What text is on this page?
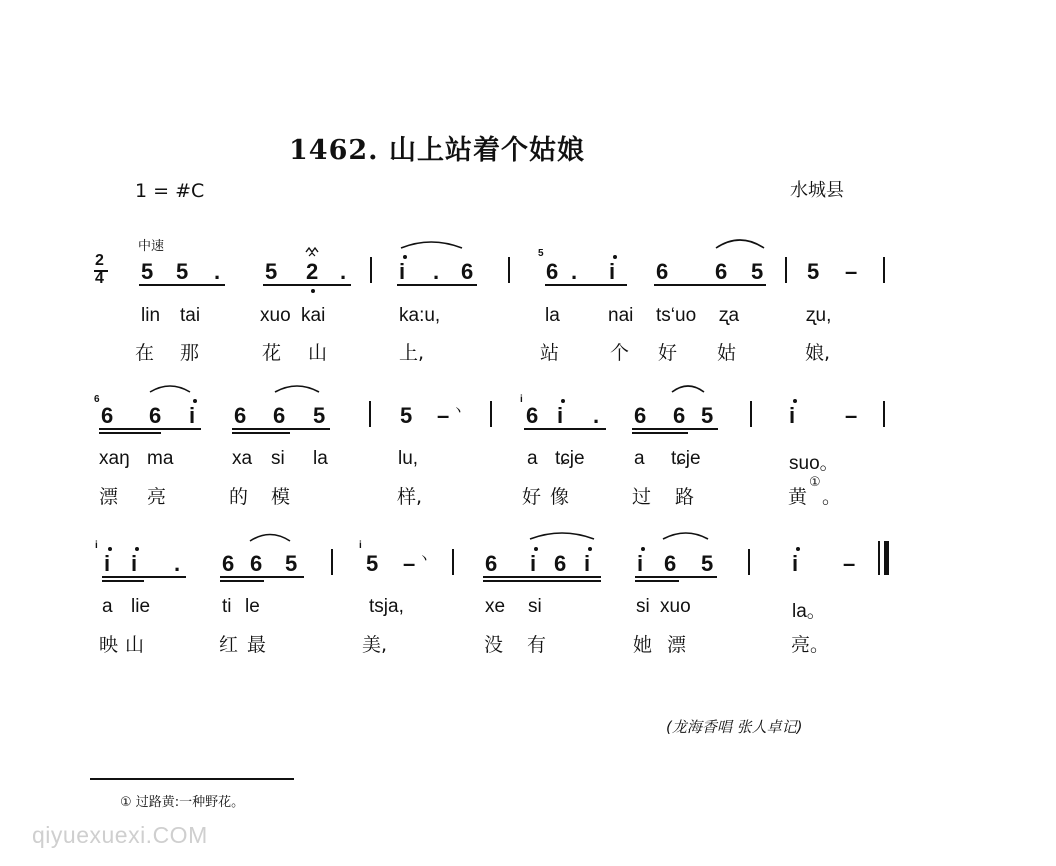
1462. 山上站着个姑娘
1 = #C	水城县
中速
2
4 5 5 . 5 2 . i . 6
5
6 . i 6 6 5 5 –
lin tai	xuo kai	ka:u,	la	nai ts‘uo ʐa	ʐu,
在 那	花 山	上,	站	个 好 姑	娘,
6
6 6 i 6 6 5	5 –
i
6 i . 6 6 5	i –
ヽ
xaŋ ma	xa si la	lu,	a tɕje	a tɕje	suo。
漂 亮	的 模	样,	好 像	过 路	黄
①
。
i
i i . 6 6 5
i
5 –	6 i 6 i i 6 5	i –
ヽ
a lie	ti le	tsja,	xe si	si xuo	la。
映 山	红 最	美,	没 有	她 漂	亮。
(龙海香唱 张人卓记)
① 过路黄:一种野花。
qiyuexuexi.COM
